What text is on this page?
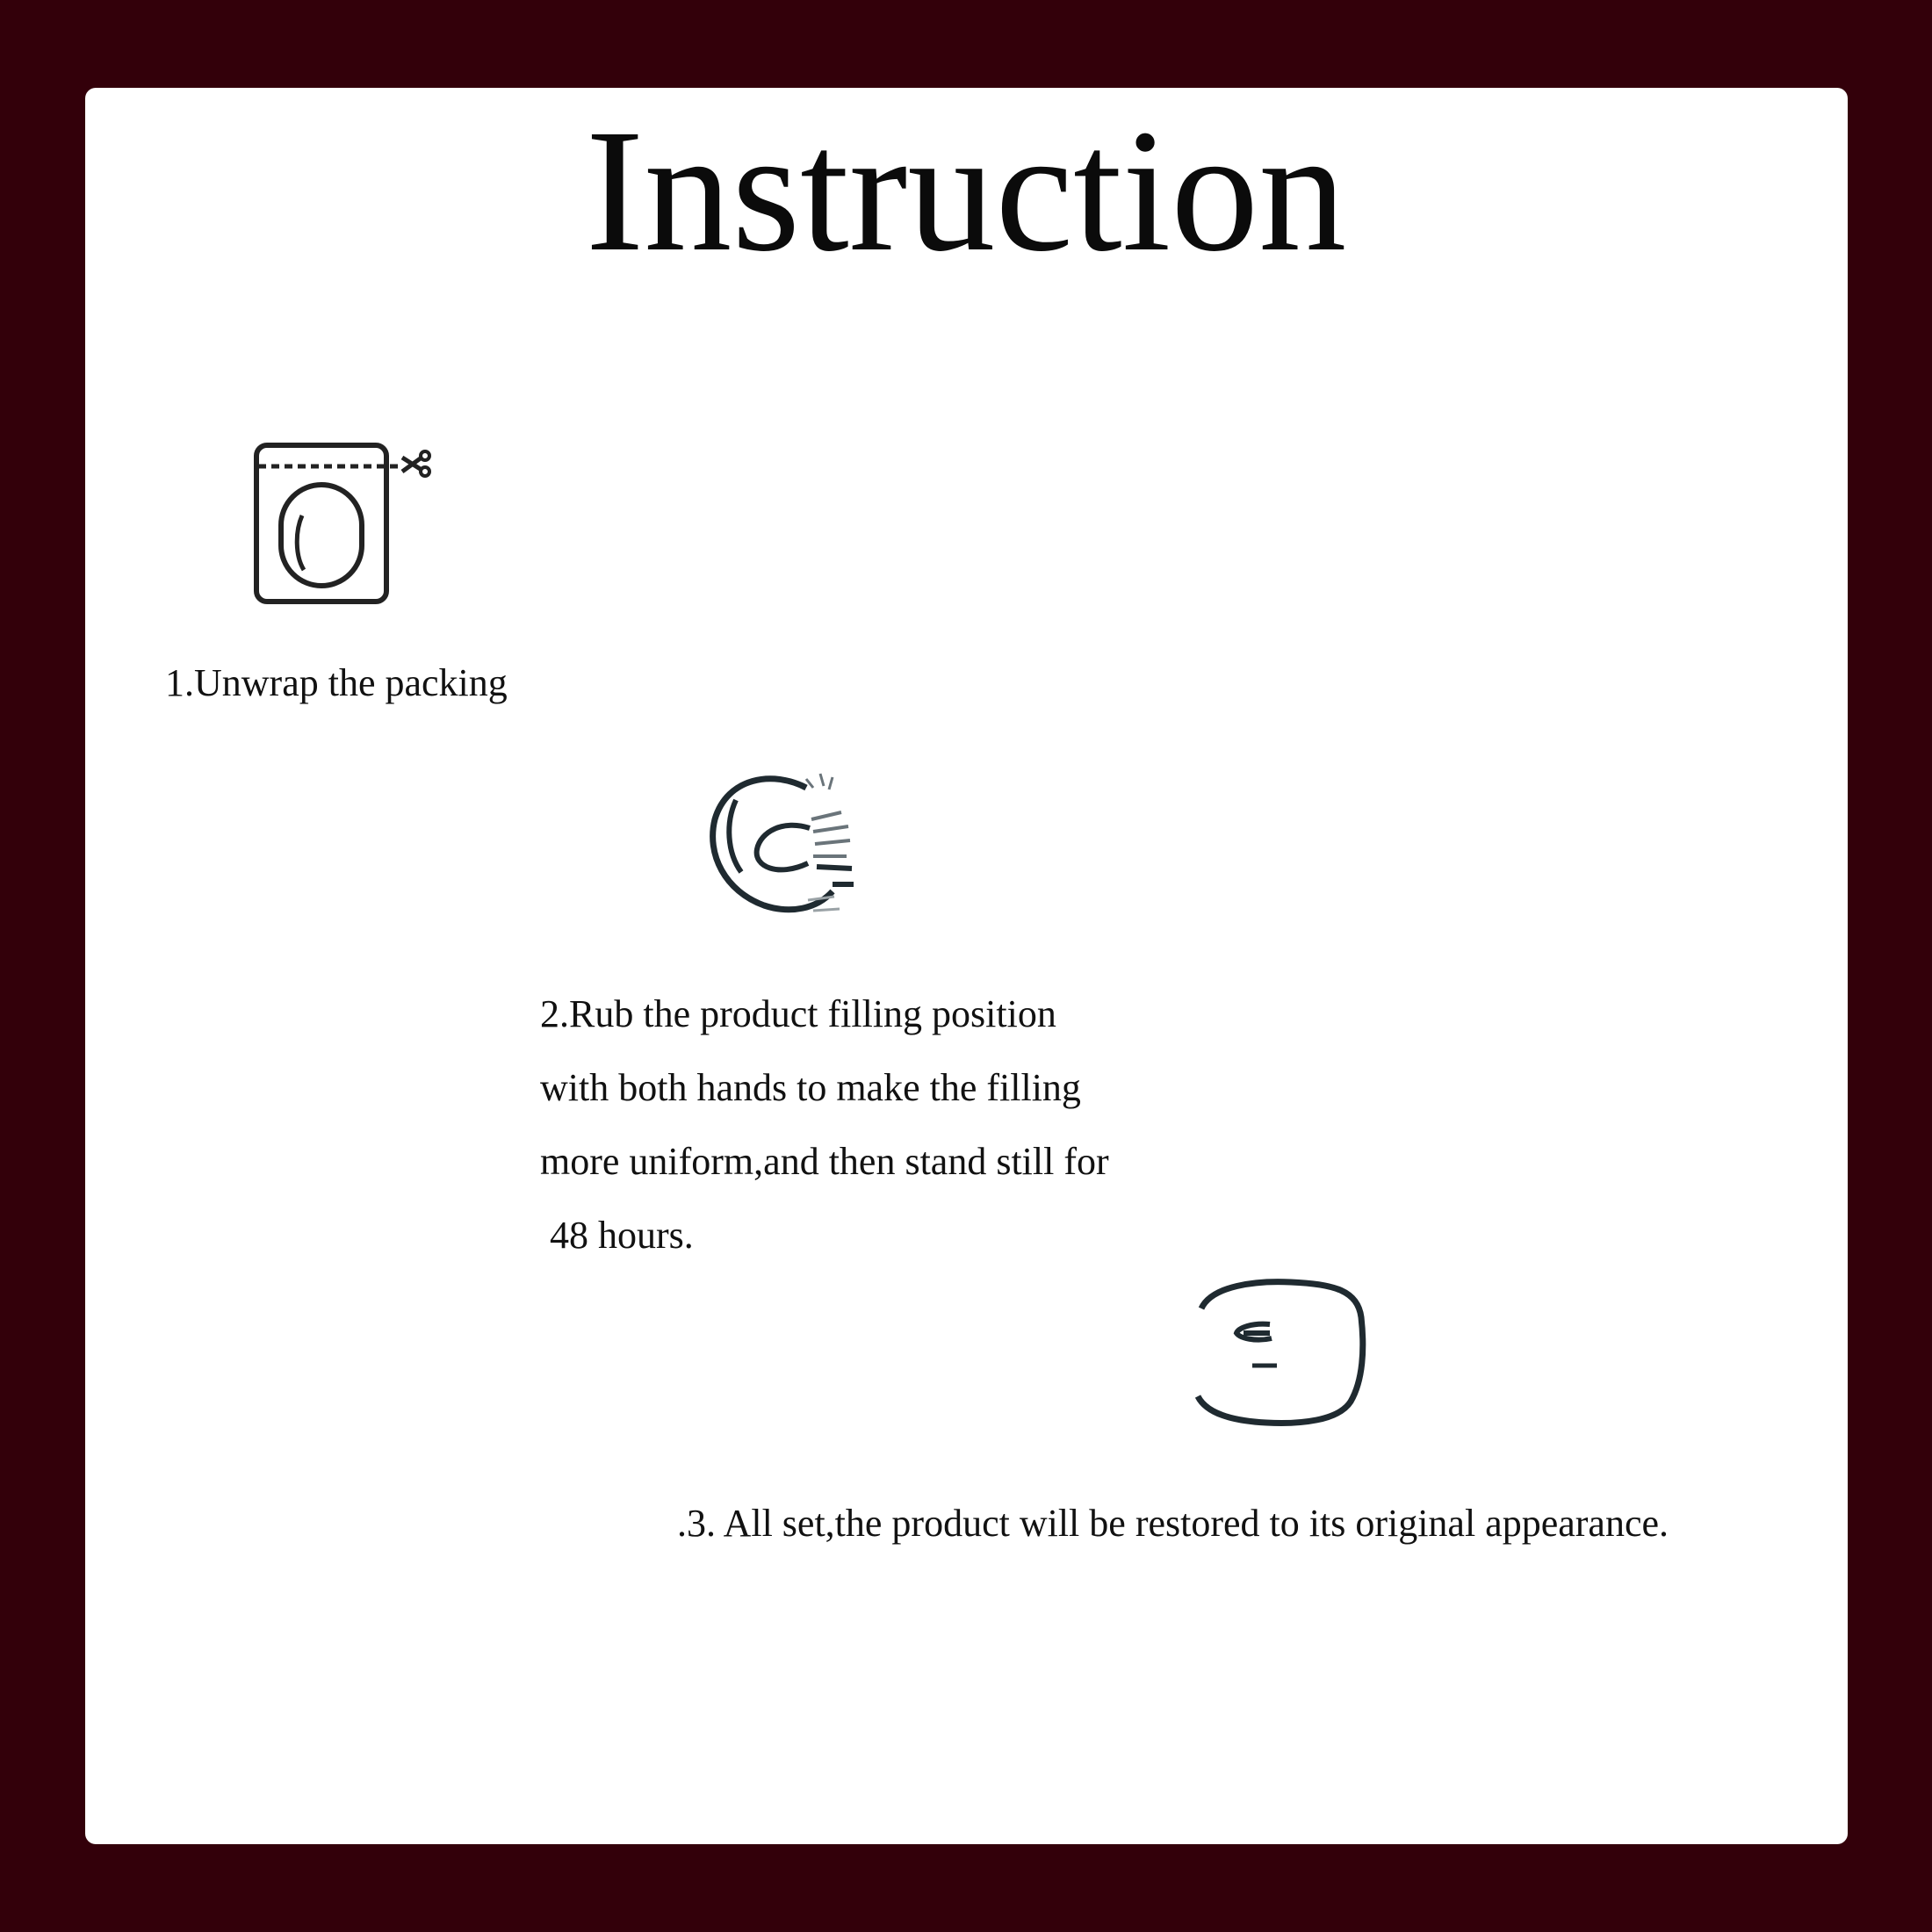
Instruction
1.Unwrap the packing
2.Rub the product filling position
with both hands to make the filling
more uniform,and then stand still for
48 hours.
.3. All set,the product will be restored to its original appearance.
